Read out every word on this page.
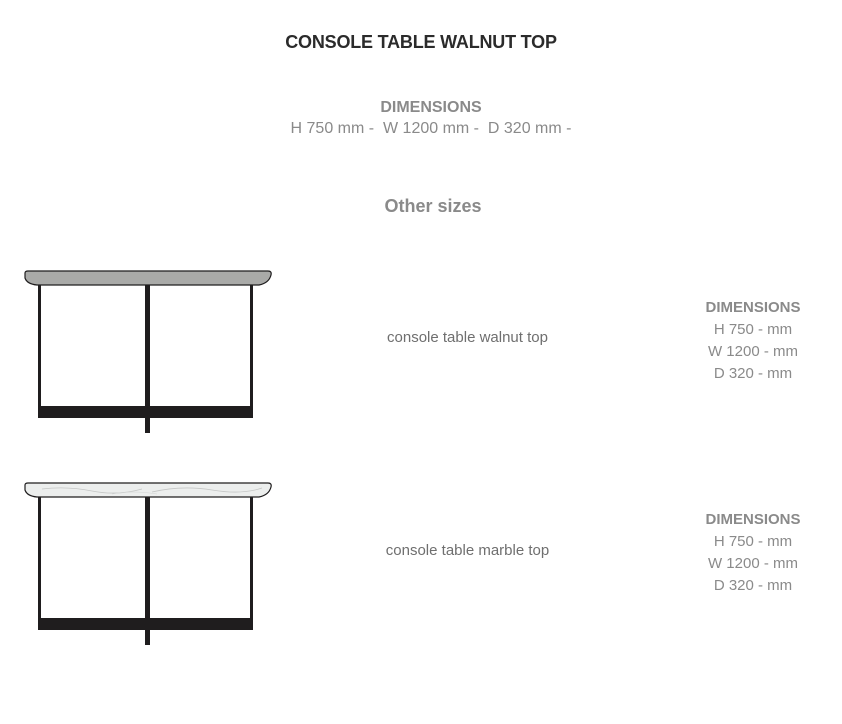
CONSOLE TABLE WALNUT TOP
DIMENSIONS
H 750 mm -  W 1200 mm -  D 320 mm -
Other sizes
console table walnut top
DIMENSIONS
H 750 - mm
W 1200 - mm
D 320 - mm
console table marble top
DIMENSIONS
H 750 - mm
W 1200 - mm
D 320 - mm
